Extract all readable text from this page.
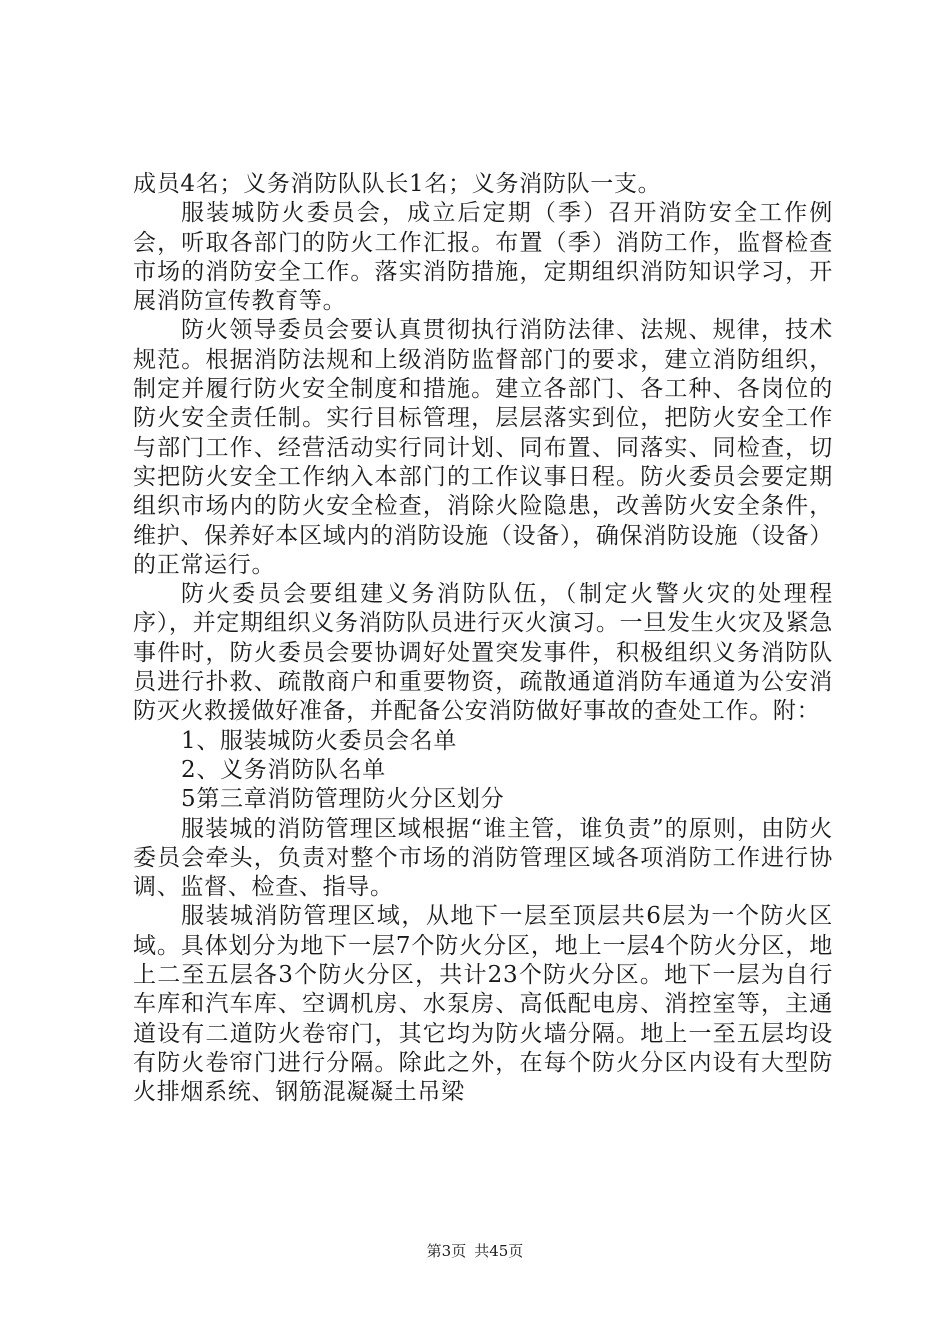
成员4名；义务消防队队长1名；义务消防队一支。

服装城防火委员会，成立后定期（季）召开消防安全工作例会，听取各部门的防火工作汇报。布置（季）消防工作，监督检查市场的消防安全工作。落实消防措施，定期组织消防知识学习，开展消防宣传教育等。

防火领导委员会要认真贯彻执行消防法律、法规、规律，技术规范。根据消防法规和上级消防监督部门的要求，建立消防组织，制定并履行防火安全制度和措施。建立各部门、各工种、各岗位的防火安全责任制。实行目标管理，层层落实到位，把防火安全工作与部门工作、经营活动实行同计划、同布置、同落实、同检查，切实把防火安全工作纳入本部门的工作议事日程。防火委员会要定期组织市场内的防火安全检查，消除火险隐患，改善防火安全条件，维护、保养好本区域内的消防设施（设备），确保消防设施（设备）的正常运行。

防火委员会要组建义务消防队伍，（制定火警火灾的处理程序），并定期组织义务消防队员进行灭火演习。一旦发生火灾及紧急事件时，防火委员会要协调好处置突发事件，积极组织义务消防队员进行扑救、疏散商户和重要物资，疏散通道消防车通道为公安消防灭火救援做好准备，并配备公安消防做好事故的查处工作。附：

1、服装城防火委员会名单

2、义务消防队名单

5第三章消防管理防火分区划分

服装城的消防管理区域根据“谁主管，谁负责”的原则，由防火委员会牵头，负责对整个市场的消防管理区域各项消防工作进行协调、监督、检查、指导。

服装城消防管理区域，从地下一层至顶层共6层为一个防火区域。具体划分为地下一层7个防火分区，地上一层4个防火分区，地上二至五层各3个防火分区，共计23个防火分区。地下一层为自行车库和汽车库、空调机房、水泵房、高低配电房、消控室等，主通道设有二道防火卷帘门，其它均为防火墙分隔。地上一至五层均设有防火卷帘门进行分隔。除此之外，在每个防火分区内设有大型防火排烟系统、钢筋混凝凝土吊梁

第3页 共45页
